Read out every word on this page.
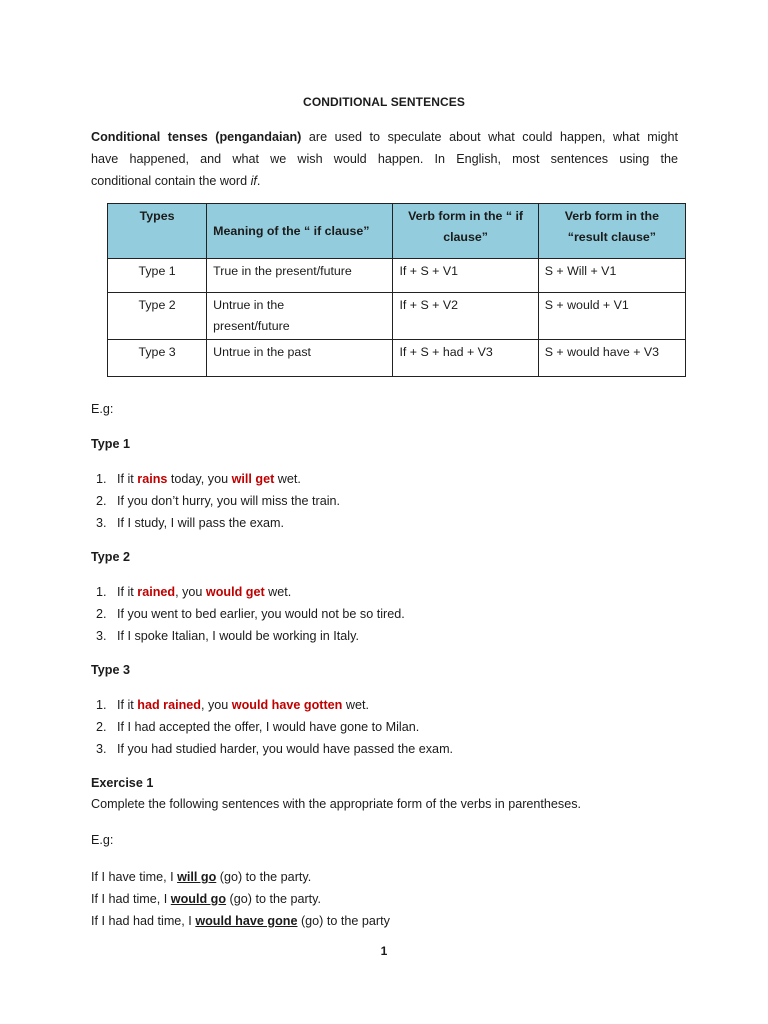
CONDITIONAL SENTENCES
Conditional tenses (pengandaian) are used to speculate about what could happen, what might
have happened, and what we wish would happen. In English, most sentences using the
conditional contain the word if.
Types	Meaning of the “ if clause”	Verb form in the “ if
clause”	Verb form in the
“result clause”
Type 1	True in the present/future	If + S + V1	S + Will + V1
Type 2	Untrue in the
present/future	If + S + V2	S + would + V1
Type 3	Untrue in the past	If + S + had + V3	S + would have + V3
E.g:
Type 1
1. If it rains today, you will get wet.
2. If you don’t hurry, you will miss the train.
3. If I study, I will pass the exam.
Type 2
1. If it rained, you would get wet.
2. If you went to bed earlier, you would not be so tired.
3. If I spoke Italian, I would be working in Italy.
Type 3
1. If it had rained, you would have gotten wet.
2. If I had accepted the offer, I would have gone to Milan.
3. If you had studied harder, you would have passed the exam.
Exercise 1
Complete the following sentences with the appropriate form of the verbs in parentheses.
E.g:
If I have time, I will go (go) to the party.
If I had time, I would go (go) to the party.
If I had had time, I would have gone (go) to the party
1
